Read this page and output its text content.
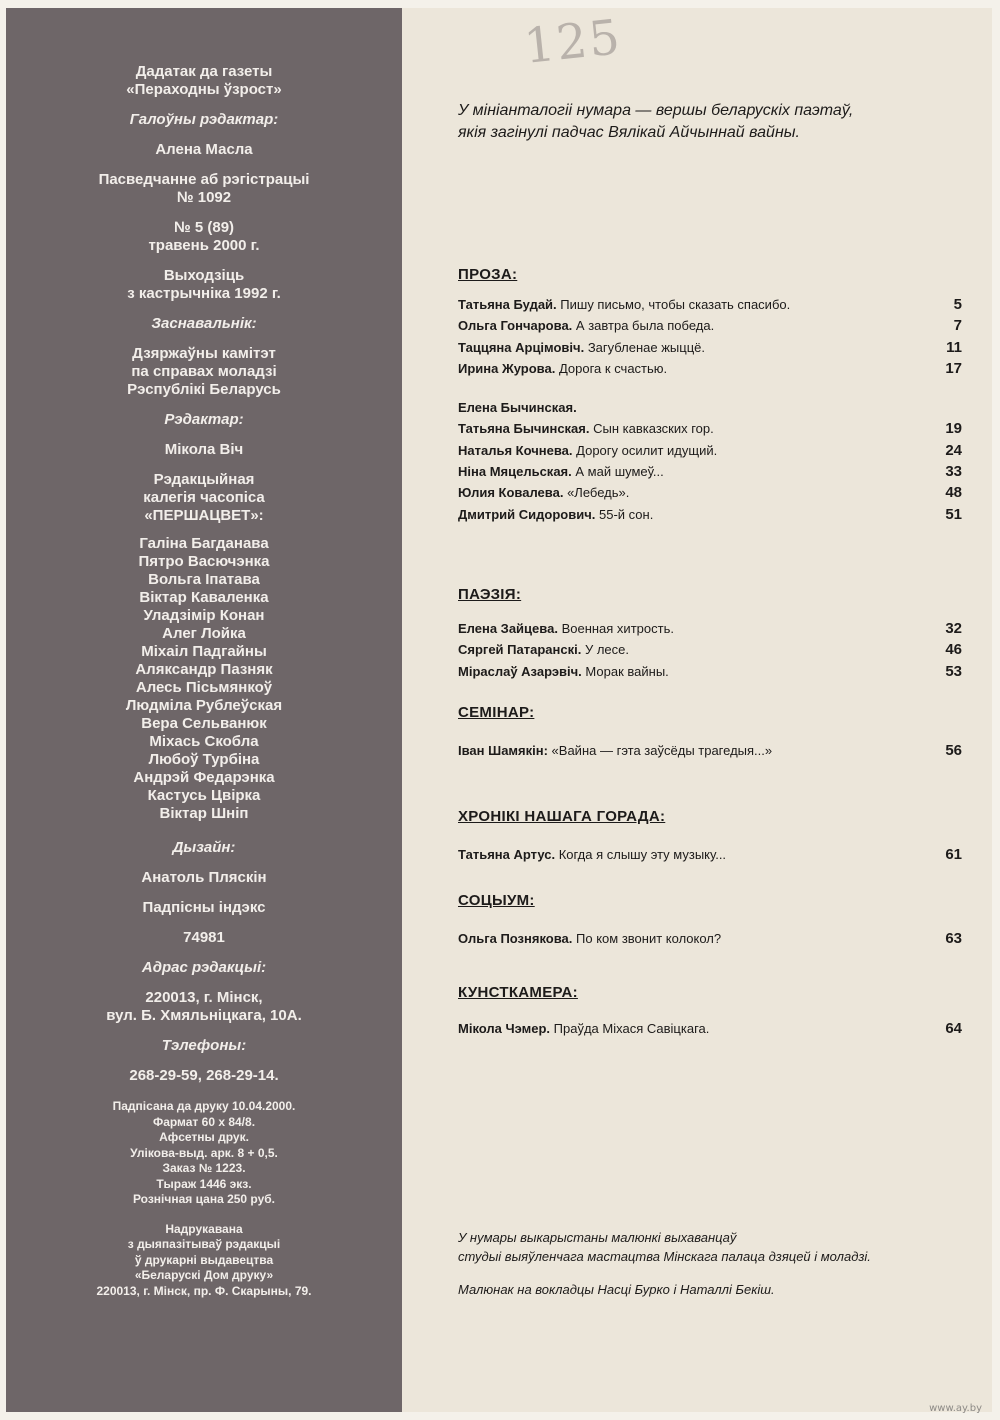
Дадатак да газеты
«Пераходны ўзрост»
Галоўны рэдактар:
Алена Масла
Пасведчанне аб рэгістрацыі
№ 1092
№ 5 (89)
травень 2000 г.
Выходзіць
з кастрычніка 1992 г.
Заснавальнік:
Дзяржаўны камітэт
па справах моладзі
Рэспублікі Беларусь
Рэдактар:
Мікола Віч
Рэдакцыйная
калегія часопіса
«ПЕРШАЦВЕТ»:
Галіна Багданава
Пятро Васючэнка
Вольга Іпатава
Віктар Каваленка
Уладзімір Конан
Алег Лойка
Міхаіл Падгайны
Аляксандр Пазняк
Алесь Пісьмянкоў
Людміла Рублеўская
Вера Сельванюк
Міхась Скобла
Любоў Турбіна
Андрэй Федарэнка
Кастусь Цвірка
Віктар Шніп
Дызайн:
Анатоль Пляскін
Падпісны індэкс
74981
Адрас рэдакцыі:
220013, г. Мінск,
вул. Б. Хмяльніцкага, 10А.
Тэлефоны:
268-29-59, 268-29-14.
Падпісана да друку 10.04.2000.
Фармат 60 х 84/8.
Афсетны друк.
Улікова-выд. арк. 8 + 0,5.
Заказ № 1223.
Тыраж 1446 экз.
Рознічная цана 250 руб.
Надрукавана
з дыяпазітываў рэдакцыі
ў друкарні выдавецтва
«Беларускі Дом друку»
220013, г. Мінск, пр. Ф. Скарыны, 79.
125
У мініанталогіі нумара — вершы беларускіх паэтаў,
якія загінулі падчас Вялікай Айчыннай вайны.
ПРОЗА:
Татьяна Будай. Пишу письмо, чтобы сказать спасибо.	5
Ольга Гончарова. А завтра была победа.	7
Таццяна Арцімовіч. Загубленае жыццё.	11
Ирина Журова. Дорога к счастью.	17
Елена Бычинская.
Татьяна Бычинская. Сын кавказских гор.	19
Наталья Кочнева. Дорогу осилит идущий.	24
Ніна Мяцельская. А май шумеў...	33
Юлия Ковалева. «Лебедь».	48
Дмитрий Сидорович. 55-й сон.	51
ПАЭЗІЯ:
Елена Зайцева. Военная хитрость.	32
Сяргей Патаранскі. У лесе.	46
Міраслаў Азарэвіч. Морак вайны.	53
СЕМІНАР:
Іван Шамякін: «Вайна — гэта заўсёды трагедыя...»	56
ХРОНІКІ НАШАГА ГОРАДА:
Татьяна Артус. Когда я слышу эту музыку...	61
СОЦЫУМ:
Ольга Познякова. По ком звонит колокол?	63
КУНСТКАМЕРА:
Мікола Чэмер. Праўда Міхася Савіцкага.	64
У нумары выкарыстаны малюнкі выхаванцаў
студыі выяўленчага мастацтва Мінскага палаца дзяцей і моладзі.
Малюнак на вокладцы Насці Бурко і Наталлі Бекіш.
www.ay.by
